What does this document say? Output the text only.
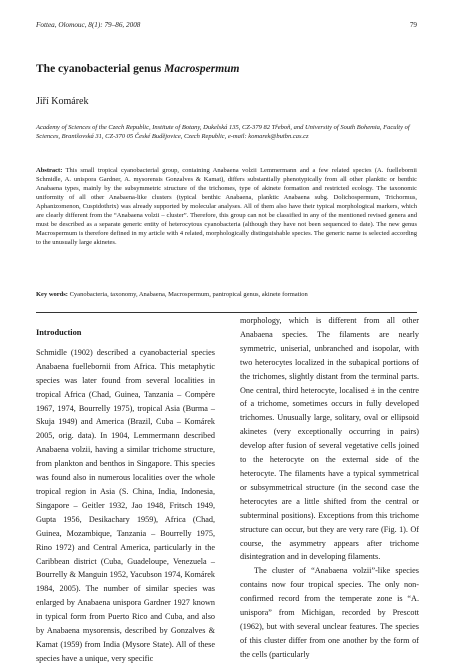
Fottea, Olomouc, 8(1): 79–86, 2008	79
The cyanobacterial genus Macrospermum
Jiří Komárek
Academy of Sciences of the Czech Republic, Institute of Botany, Dukelská 135, CZ-379 82 Třeboň, and University of South Bohemia, Faculty of Sciences, Branišovská 31, CZ-370 05 České Budějovice, Czech Republic, e-mail: komarek@butbn.cas.cz
Abstract: This small tropical cyanobacterial group, containing Anabaena volzii Lemmermann and a few related species (A. fuellebornii Schmidle, A. unispora Gardner, A. mysorensis Gonzalves & Kamat), differs substantially phenotypically from all other planktic or benthic Anabaena types, mainly by the subsymmetric structure of the trichomes, type of akinete formation and restricted ecology. The taxonomic uniformity of all other Anabaena-like clusters (typical benthic Anabaena, planktic Anabaena subg. Dolichospermum, Trichormus, Aphanizomenon, Cuspidothrix) was already supported by molecular analyses. All of them also have their typical morphological markers, which are clearly different from the “Anabaena volzii – cluster”. Therefore, this group can not be classified in any of the mentioned revised genera and must be described as a separate generic entity of heterocytous cyanobacteria (although they have not been sequenced to date). The new genus Macrospermum is therefore defined in my article with 4 related, morphologically distinguishable species. The generic name is selected according to the unusually large akinetes.
Key words: Cyanobacteria, taxonomy, Anabaena, Macrospermum, pantropical genus, akinete formation
Introduction

Schmidle (1902) described a cyanobacterial species Anabaena fuellebornii from Africa. This metaphytic species was later found from several localities in tropical Africa (Chad, Guinea, Tanzania – Compère 1967, 1974, Bourrelly 1975), tropical Asia (Burma – Skuja 1949) and America (Brazil, Cuba – Komárek 2005, orig. data). In 1904, Lemmermann described Anabaena volzii, having a similar trichome structure, from plankton and benthos in Singapore. This species was found also in numerous localities over the whole tropical region in Asia (S. China, India, Indonesia, Singapore – Geitler 1932, Jao 1948, Fritsch 1949, Gupta 1956, Desikachary 1959), Africa (Chad, Guinea, Mozambique, Tanzania – Bourrelly 1975, Rino 1972) and Central America, particularly in the Caribbean district (Cuba, Guadeloupe, Venezuela – Bourrelly & Manguin 1952, Yacubson 1974, Komárek 1984, 2005). The number of similar species was enlarged by Anabaena unispora Gardner 1927 known in typical form from Puerto Rico and Cuba, and also by Anabaena mysorensis, described by Gonzalves & Kamat (1959) from India (Mysore State). All of these species have a unique, very specific

morphology, which is different from all other Anabaena species. The filaments are nearly symmetric, uniserial, unbranched and isopolar, with two heterocytes localized in the subapical portions of the trichomes, slightly distant from the terminal parts. One central, third heterocyte, localised ± in the centre of a trichome, sometimes occurs in fully developed trichomes. Unusually large, solitary, oval or ellipsoid akinetes (very exceptionally occurring in pairs) develop after fusion of several vegetative cells joined to the heterocyte on the external side of the heterocyte. The filaments have a typical symmetrical or subsymmetrical structure (in the second case the heterocytes are a little shifted from the central or subterminal positions). Exceptions from this trichome structure can occur, but they are very rare (Fig. 1). Of course, the asymmetry appears after trichome disintegration and in developing filaments.

The cluster of “Anabaena volzii”-like species contains now four tropical species. The only non-confirmed record from the temperate zone is “A. unispora” from Michigan, recorded by Prescott (1962), but with several unclear features. The species of this cluster differ from one another by the form of the cells (particularly
